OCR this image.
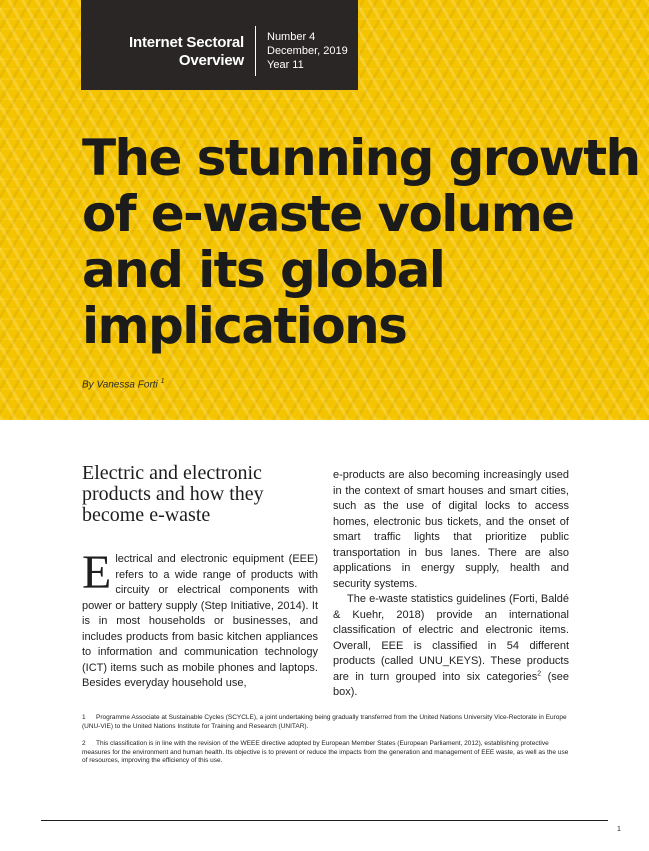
Internet Sectoral
Overview
Number 4
December, 2019
Year 11
The stunning growth of e-waste volume and its global implications
By Vanessa Forti $^1$
Electric and electronic products and how they become e-waste

Electrical and electronic equipment (EEE) refers to a wide range of products with circuity or electrical components with power or battery supply (Step Initiative, 2014). It is in most households or businesses, and includes products from basic kitchen appliances to information and communication technology (ICT) items such as mobile phones and laptops. Besides everyday household use,

e-products are also becoming increasingly used in the context of smart houses and smart cities, such as the use of digital locks to access homes, electronic bus tickets, and the onset of smart traffic lights that prioritize public transportation in bus lanes. There are also applications in energy supply, health and security systems.

The e-waste statistics guidelines (Forti, Baldé & Kuehr, 2018) provide an international classification of electric and electronic items. Overall, EEE is classified in 54 different products (called UNU_KEYS). These products are in turn grouped into six categories$^2$ (see box).

1 Programme Associate at Sustainable Cycles (SCYCLE), a joint undertaking being gradually transferred from the United Nations University Vice-Rectorate in Europe (UNU-VIE) to the United Nations Institute for Training and Research (UNITAR).

2 This classification is in line with the revision of the WEEE directive adopted by European Member States (European Parliament, 2012), establishing protective measures for the environment and human health. Its objective is to prevent or reduce the impacts from the generation and management of EEE waste, as well as the use of resources, improving the efficiency of this use.

1
